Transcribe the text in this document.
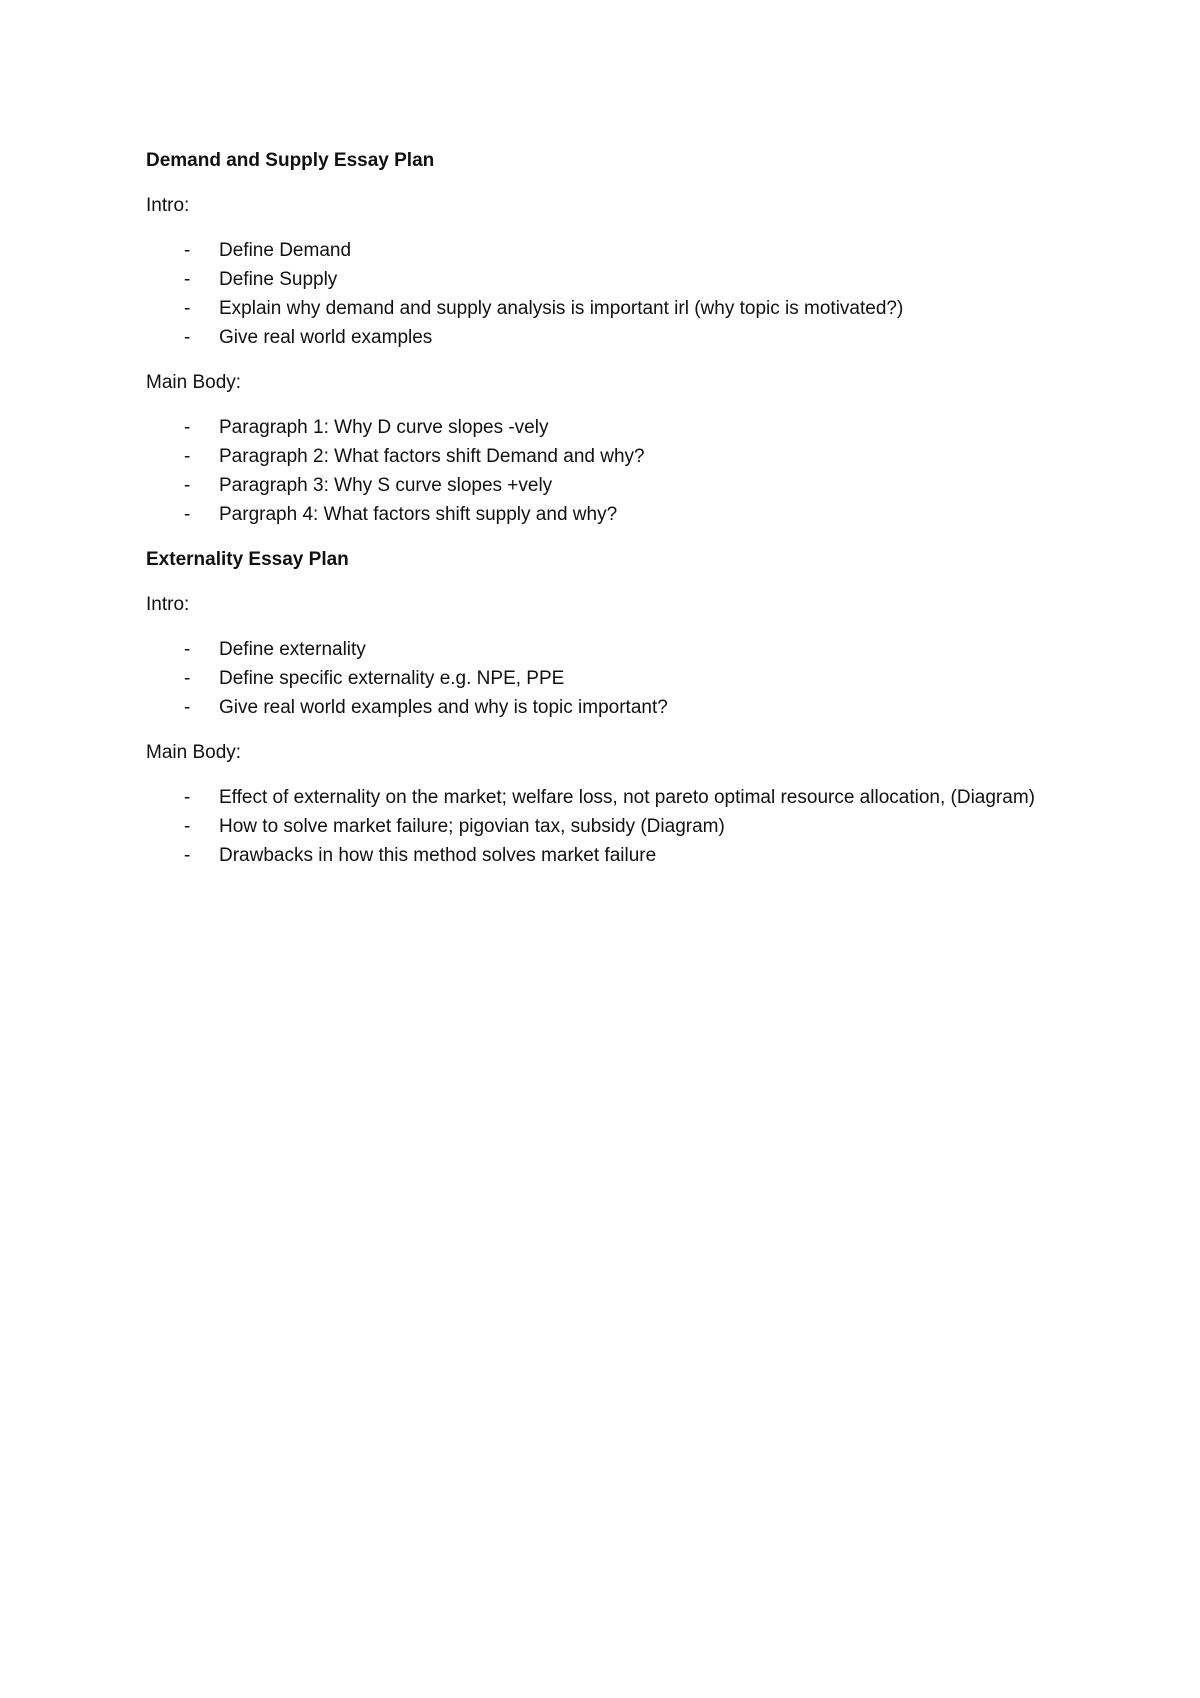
Demand and Supply Essay Plan
Intro:
- Define Demand
- Define Supply
- Explain why demand and supply analysis is important irl (why topic is motivated?)
- Give real world examples
Main Body:
- Paragraph 1: Why D curve slopes -vely
- Paragraph 2: What factors shift Demand and why?
- Paragraph 3: Why S curve slopes +vely
- Pargraph 4: What factors shift supply and why?
Externality Essay Plan
Intro:
- Define externality
- Define specific externality e.g. NPE, PPE
- Give real world examples and why is topic important?
Main Body:
- Effect of externality on the market; welfare loss, not pareto optimal resource allocation, (Diagram)
- How to solve market failure; pigovian tax, subsidy (Diagram)
- Drawbacks in how this method solves market failure
